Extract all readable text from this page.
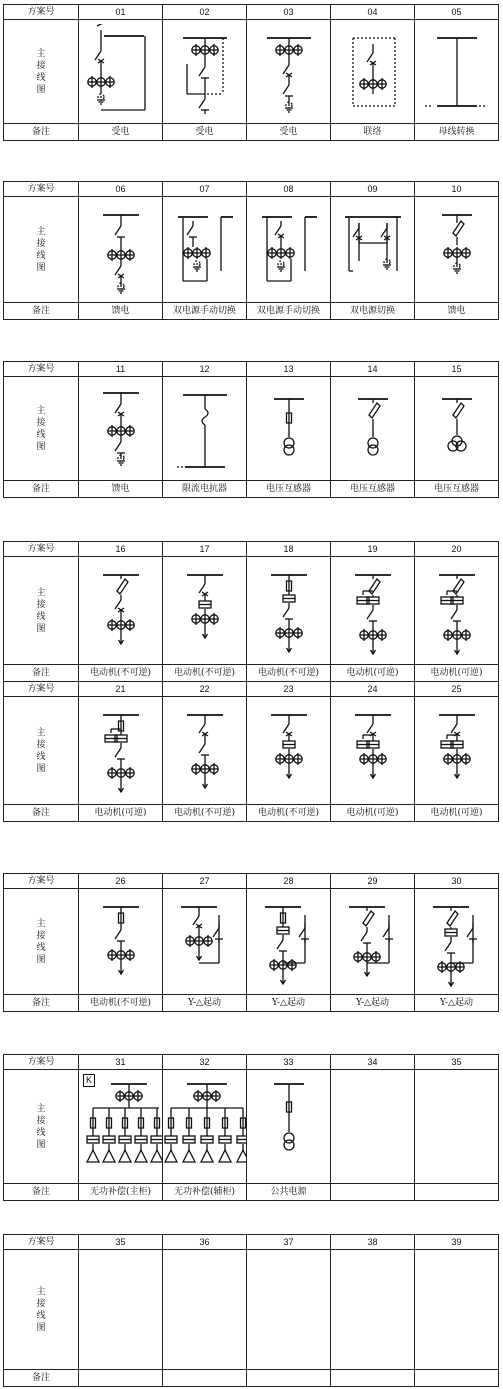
方案号	01	02	03	04	05
主接线图	

备注	受电	受电	受电	联络	母线转换
方案号	06	07	08	09	10
主接线图	

备注	馈电	双电源手动切换	双电源手动切换	双电源切换	馈电
方案号	11	12	13	14	15
主接线图	

备注	馈电	限流电抗器	电压互感器	电压互感器	电压互感器
方案号	16	17	18	19	20
主接线图	

备注	电动机(不可逆)	电动机(不可逆)	电动机(不可逆)	电动机(可逆)	电动机(可逆)
方案号	21	22	23	24	25
主接线图	

备注	电动机(可逆)	电动机(不可逆)	电动机(不可逆)	电动机(可逆)	电动机(可逆)
方案号	26	27	28	29	30
主接线图	

备注	电动机(不可逆)	Y-△起动	Y-△起动	Y-△起动	Y-△起动
方案号	31	32	33	34	35
主接线图	K

备注	无功补偿(主柜)	无功补偿(辅柜)	公共电源		
方案号	35	36	37	38	39
主接线图					
备注					
